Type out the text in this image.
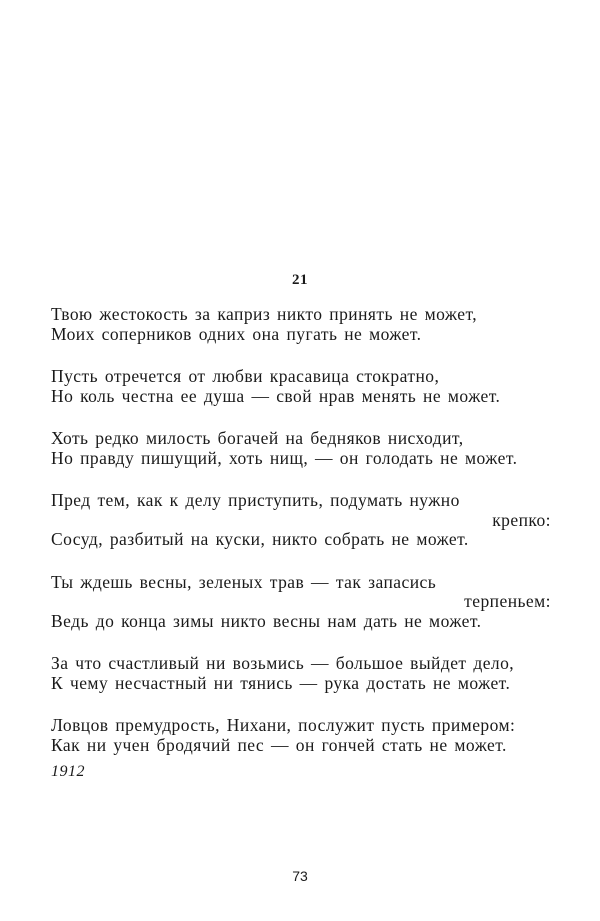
21
Твою жестокость за каприз никто принять не может,
Моих соперников одних она пугать не может.
Пусть отречется от любви красавица стократно,
Но коль честна ее душа — свой нрав менять не может.
Хоть редко милость богачей на бедняков нисходит,
Но правду пишущий, хоть нищ, — он голодать не может.
Пред тем, как к делу приступить, подумать нужно
крепко:
Сосуд, разбитый на куски, никто собрать не может.
Ты ждешь весны, зеленых трав — так запасись
терпеньем:
Ведь до конца зимы никто весны нам дать не может.
За что счастливый ни возьмись — большое выйдет дело,
К чему несчастный ни тянись — рука достать не может.
Ловцов премудрость, Нихани, послужит пусть примером:
Как ни учен бродячий пес — он гончей стать не может.
1912
73
